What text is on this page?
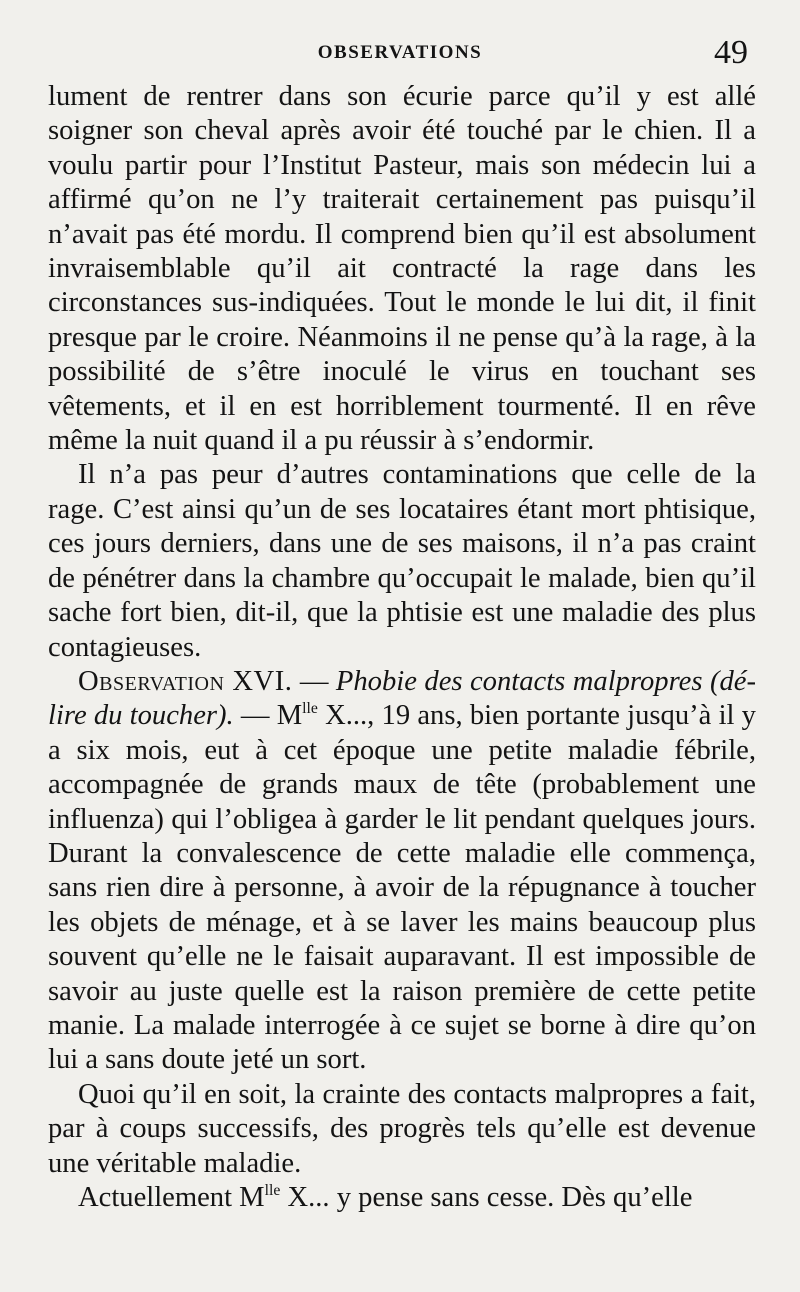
OBSERVATIONS	49

lument de rentrer dans son écurie parce qu’il y est allé soigner son cheval après avoir été touché par le chien. Il a voulu partir pour l’Institut Pasteur, mais son médecin lui a affirmé qu’on ne l’y traiterait certainement pas puisqu’il n’avait pas été mordu. Il comprend bien qu’il est absolument invraisemblable qu’il ait contracté la rage dans les circonstances sus-indiquées. Tout le monde le lui dit, il finit presque par le croire. Néanmoins il ne pense qu’à la rage, à la possibilité de s’être inoculé le virus en touchant ses vêtements, et il en est horriblement tourmenté. Il en rêve même la nuit quand il a pu réussir à s’endormir.

Il n’a pas peur d’autres contaminations que celle de la rage. C’est ainsi qu’un de ses locataires étant mort phtisique, ces jours derniers, dans une de ses maisons, il n’a pas craint de pénétrer dans la chambre qu’occupait le malade, bien qu’il sache fort bien, dit-il, que la phtisie est une maladie des plus contagieuses.

Observation XVI. — Phobie des contacts malpropres (délire du toucher). — $M^{lle}$ X..., 19 ans, bien portante jusqu’à il y a six mois, eut à cet époque une petite maladie fébrile, accompagnée de grands maux de tête (probablement une influenza) qui l’obligea à garder le lit pendant quelques jours. Durant la convalescence de cette maladie elle commença, sans rien dire à personne, à avoir de la répugnance à toucher les objets de ménage, et à se laver les mains beaucoup plus souvent qu’elle ne le faisait auparavant. Il est impossible de savoir au juste quelle est la raison première de cette petite manie. La malade interrogée à ce sujet se borne à dire qu’on lui a sans doute jeté un sort.

Quoi qu’il en soit, la crainte des contacts malpropres a fait, par à coups successifs, des progrès tels qu’elle est devenue une véritable maladie.

Actuellement $M^{lle}$ X... y pense sans cesse. Dès qu’elle
